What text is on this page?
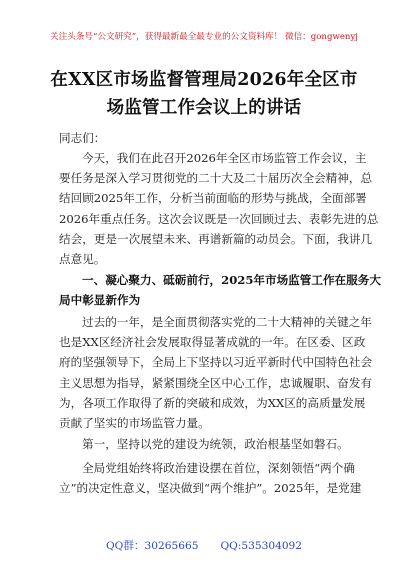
关注头条号“公文研究”，获得最新最全最专业的公文资料库！ 微信：gongwenyj
在XX区市场监督管理局2026年全区市
场监管工作会议上的讲话
同志们：
今天，我们在此召开2026年全区市场监管工作会议，主
要任务是深入学习贯彻党的二十大及二十届历次全会精神，总
结回顾2025年工作，分析当前面临的形势与挑战，全面部署
2026年重点任务。这次会议既是一次回顾过去、表彰先进的总
结会，更是一次展望未来、再谱新篇的动员会。下面，我讲几
点意见。
一、凝心聚力、砥砺前行，2025年市场监管工作在服务大
局中彰显新作为
过去的一年，是全面贯彻落实党的二十大精神的关键之年
也是XX区经济社会发展取得显著成就的一年。在区委、区政
府的坚强领导下，全局上下坚持以习近平新时代中国特色社会
主义思想为指导，紧紧围绕全区中心工作，忠诚履职、奋发有
为，各项工作取得了新的突破和成效，为XX区的高质量发展
贡献了坚实的市场监管力量。
第一，坚持以党的建设为统领，政治根基坚如磐石。
全局党组始终将政治建设摆在首位，深刻领悟“两个确
立”的决定性意义，坚决做到“两个维护”。2025年，是党建
QQ群：30265665 QQ:535304092
